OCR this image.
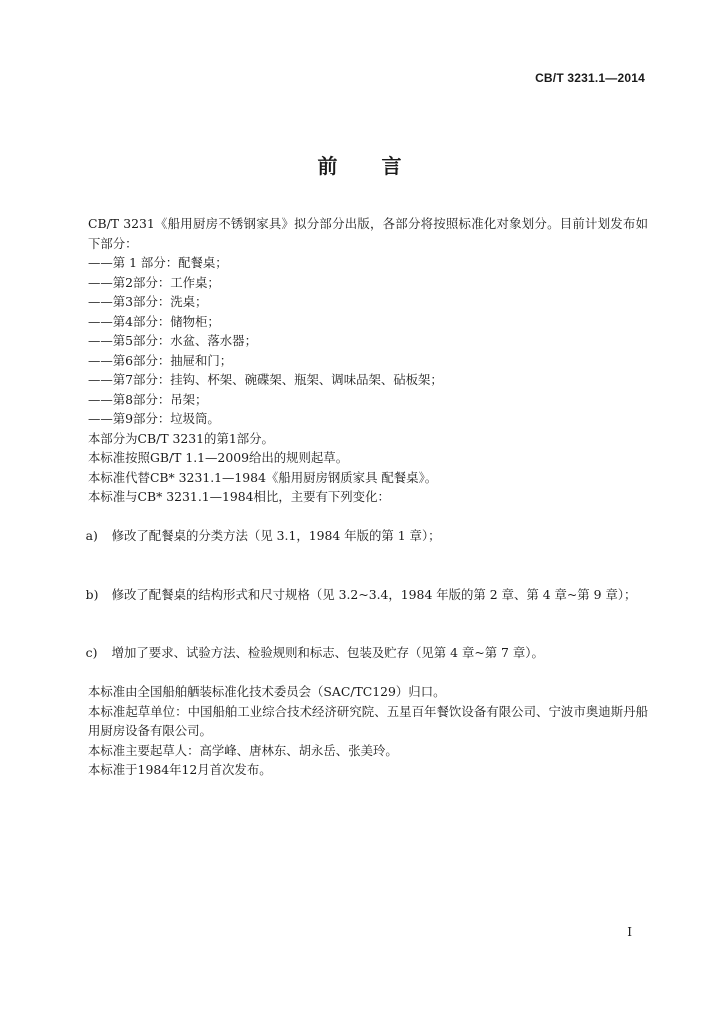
CB/T 3231.1—2014
前言

CB/T 3231《船用厨房不锈钢家具》拟分部分出版，各部分将按照标准化对象划分。目前计划发布如下部分：

——第 1 部分：配餐桌；

——第2部分：工作桌；

——第3部分：洗桌；

——第4部分：储物柜；

——第5部分：水盆、落水器；

——第6部分：抽屉和门；

——第7部分：挂钩、杯架、碗碟架、瓶架、调味品架、砧板架；

——第8部分：吊架；

——第9部分：垃圾筒。

本部分为CB/T 3231的第1部分。

本标准按照GB/T 1.1—2009给出的规则起草。

本标准代替CB* 3231.1—1984《船用厨房钢质家具 配餐桌》。

本标准与CB* 3231.1—1984相比，主要有下列变化：

a) 修改了配餐桌的分类方法（见 3.1，1984 年版的第 1 章）；

b) 修改了配餐桌的结构形式和尺寸规格（见 3.2~3.4，1984 年版的第 2 章、第 4 章~第 9 章）；

c) 增加了要求、试验方法、检验规则和标志、包装及贮存（见第 4 章~第 7 章）。

本标准由全国船舶舾装标准化技术委员会（SAC/TC129）归口。

本标准起草单位：中国船舶工业综合技术经济研究院、五星百年餐饮设备有限公司、宁波市奥迪斯丹船用厨房设备有限公司。

本标准主要起草人：高学峰、唐林东、胡永岳、张美玲。

本标准于1984年12月首次发布。

I
